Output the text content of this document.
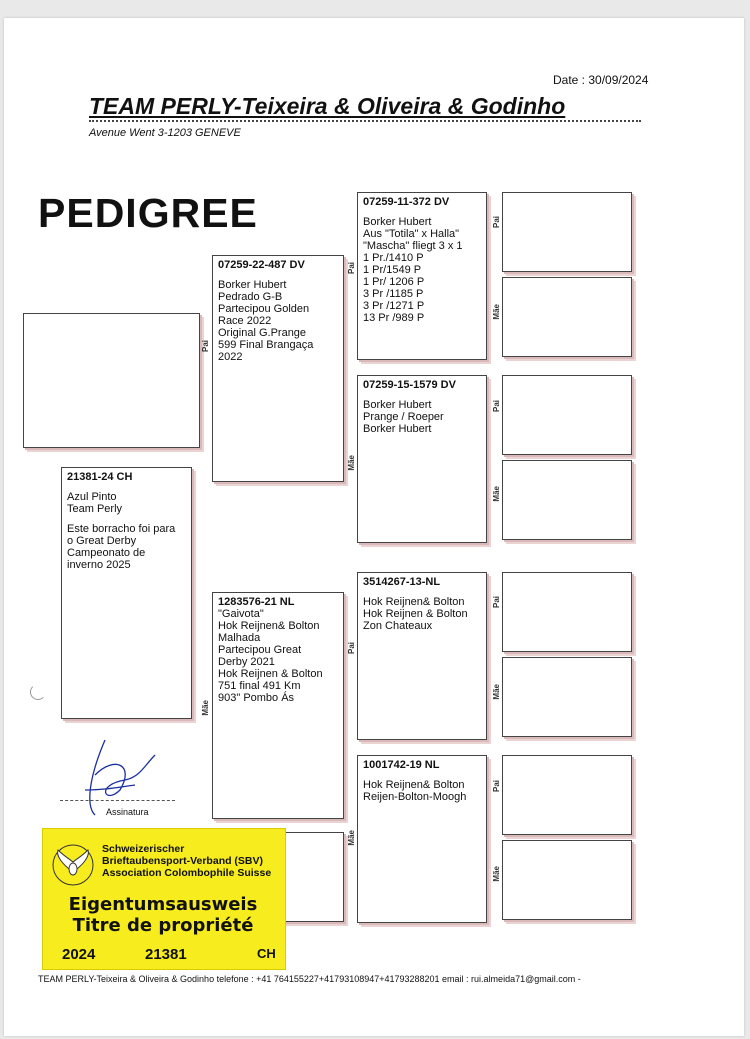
Date : 30/09/2024
TEAM PERLY-Teixeira & Oliveira & Godinho
Avenue Went 3-1203 GENEVE
PEDIGREE
21381-24 CH
Azul Pinto
Team Perly
Este borracho foi para
o Great Derby
Campeonato de
inverno 2025
Pai
07259-22-487 DV
Borker Hubert
Pedrado G-B
Partecipou Golden
Race 2022
Original G.Prange
599 Final Brangaça
2022
Mãe
1283576-21 NL
"Gaivota"
Hok Reijnen& Bolton
Malhada
Partecipou Great
Derby 2021
Hok Reijnen & Bolton
751 final 491 Km
903" Pombo Ás
Pai
07259-11-372 DV
Borker Hubert
Aus "Totila" x Halla"
"Mascha" fliegt 3 x 1
1 Pr./1410 P
1 Pr/1549 P
1 Pr/ 1206 P
3 Pr /1185 P
3 Pr /1271 P
13 Pr /989 P
Mãe
07259-15-1579 DV
Borker Hubert
Prange / Roeper
Borker Hubert
Pai
3514267-13-NL
Hok Reijnen& Bolton
Hok Reijnen & Bolton
Zon Chateaux
Mãe
1001742-19 NL
Hok Reijnen& Bolton
Reijen-Bolton-Moogh
Pai
Mãe
Pai
Mãe
Pai
Mãe
Pai
Mãe
Assinatura
Schweizerischer
Brieftaubensport-Verband (SBV)
Association Colombophile Suisse
Eigentumsausweis
Titre de propriété
2024	21381	CH
TEAM PERLY-Teixeira & Oliveira & Godinho telefone : +41 764155227+41793108947+41793288201 email : rui.almeida71@gmail.com -
